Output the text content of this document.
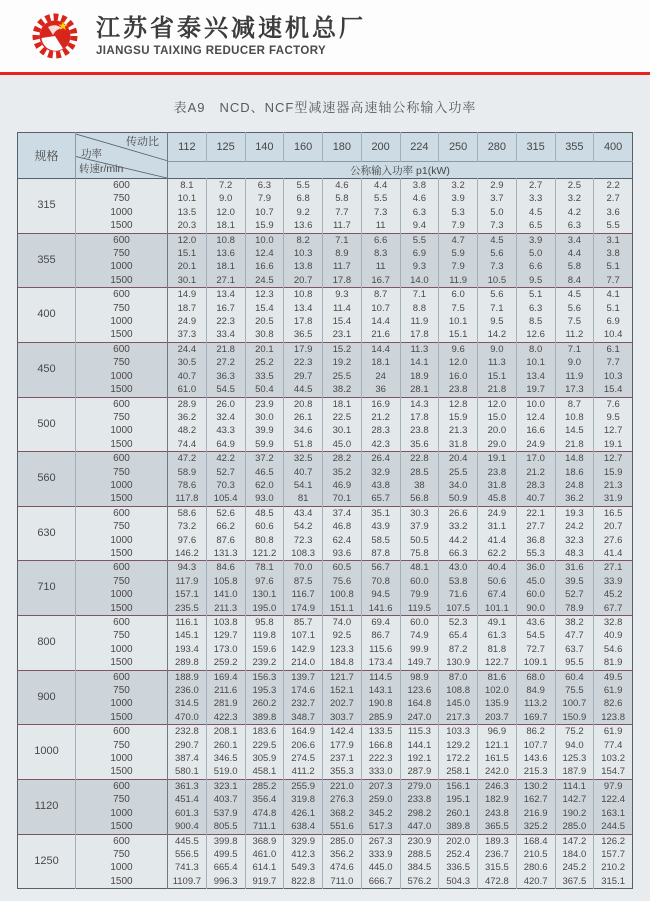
★ 江苏省泰兴减速机总厂
JIANGSU TAIXING REDUCER FACTORY
表A9　NCD、NCF型减速器高速轴公称输入功率
规格	传动比
功率
转速r/min	112	125	140	160	180	200	224	250	280	315	355	400
		公称输入功率 p1(kW)											
315	600	8.1	7.2	6.3	5.5	4.6	4.4	3.8	3.2	2.9	2.7	2.5	2.2
	750	10.1	9.0	7.9	6.8	5.8	5.5	4.6	3.9	3.7	3.3	3.2	2.7
	1000	13.5	12.0	10.7	9.2	7.7	7.3	6.3	5.3	5.0	4.5	4.2	3.6
	1500	20.3	18.1	15.9	13.6	11.7	11	9.4	7.9	7.3	6.5	6.3	5.5
355	600	12.0	10.8	10.0	8.2	7.1	6.6	5.5	4.7	4.5	3.9	3.4	3.1
	750	15.1	13.6	12.4	10.3	8.9	8.3	6.9	5.9	5.6	5.0	4.4	3.8
	1000	20.1	18.1	16.6	13.8	11.7	11	9.3	7.9	7.3	6.6	5.8	5.1
	1500	30.1	27.1	24.5	20.7	17.8	16.7	14.0	11.9	10.5	9.5	8.4	7.7
400	600	14.9	13.4	12.3	10.8	9.3	8.7	7.1	6.0	5.6	5.1	4.5	4.1
	750	18.7	16.7	15.4	13.4	11.4	10.7	8.8	7.5	7.1	6.3	5.6	5.1
	1000	24.9	22.3	20.5	17.8	15.4	14.4	11.9	10.1	9.5	8.5	7.5	6.9
	1500	37.3	33.4	30.8	36.5	23.1	21.6	17.8	15.1	14.2	12.6	11.2	10.4
450	600	24.4	21.8	20.1	17.9	15.2	14.4	11.3	9.6	9.0	8.0	7.1	6.1
	750	30.5	27.2	25.2	22.3	19.2	18.1	14.1	12.0	11.3	10.1	9.0	7.7
	1000	40.7	36.3	33.5	29.7	25.5	24	18.9	16.0	15.1	13.4	11.9	10.3
	1500	61.0	54.5	50.4	44.5	38.2	36	28.1	23.8	21.8	19.7	17.3	15.4
500	600	28.9	26.0	23.9	20.8	18.1	16.9	14.3	12.8	12.0	10.0	8.7	7.6
	750	36.2	32.4	30.0	26.1	22.5	21.2	17.8	15.9	15.0	12.4	10.8	9.5
	1000	48.2	43.3	39.9	34.6	30.1	28.3	23.8	21.3	20.0	16.6	14.5	12.7
	1500	74.4	64.9	59.9	51.8	45.0	42.3	35.6	31.8	29.0	24.9	21.8	19.1
560	600	47.2	42.2	37.2	32.5	28.2	26.4	22.8	20.4	19.1	17.0	14.8	12.7
	750	58.9	52.7	46.5	40.7	35.2	32.9	28.5	25.5	23.8	21.2	18.6	15.9
	1000	78.6	70.3	62.0	54.1	46.9	43.8	38	34.0	31.8	28.3	24.8	21.3
	1500	117.8	105.4	93.0	81	70.1	65.7	56.8	50.9	45.8	40.7	36.2	31.9
630	600	58.6	52.6	48.5	43.4	37.4	35.1	30.3	26.6	24.9	22.1	19.3	16.5
	750	73.2	66.2	60.6	54.2	46.8	43.9	37.9	33.2	31.1	27.7	24.2	20.7
	1000	97.6	87.6	80.8	72.3	62.4	58.5	50.5	44.2	41.4	36.8	32.3	27.6
	1500	146.2	131.3	121.2	108.3	93.6	87.8	75.8	66.3	62.2	55.3	48.3	41.4
710	600	94.3	84.6	78.1	70.0	60.5	56.7	48.1	43.0	40.4	36.0	31.6	27.1
	750	117.9	105.8	97.6	87.5	75.6	70.8	60.0	53.8	50.6	45.0	39.5	33.9
	1000	157.1	141.0	130.1	116.7	100.8	94.5	79.9	71.6	67.4	60.0	52.7	45.2
	1500	235.5	211.3	195.0	174.9	151.1	141.6	119.5	107.5	101.1	90.0	78.9	67.7
800	600	116.1	103.8	95.8	85.7	74.0	69.4	60.0	52.3	49.1	43.6	38.2	32.8
	750	145.1	129.7	119.8	107.1	92.5	86.7	74.9	65.4	61.3	54.5	47.7	40.9
	1000	193.4	173.0	159.6	142.9	123.3	115.6	99.9	87.2	81.8	72.7	63.7	54.6
	1500	289.8	259.2	239.2	214.0	184.8	173.4	149.7	130.9	122.7	109.1	95.5	81.9
900	600	188.9	169.4	156.3	139.7	121.7	114.5	98.9	87.0	81.6	68.0	60.4	49.5
	750	236.0	211.6	195.3	174.6	152.1	143.1	123.6	108.8	102.0	84.9	75.5	61.9
	1000	314.5	281.9	260.2	232.7	202.7	190.8	164.8	145.0	135.9	113.2	100.7	82.6
	1500	470.0	422.3	389.8	348.7	303.7	285.9	247.0	217.3	203.7	169.7	150.9	123.8
1000	600	232.8	208.1	183.6	164.9	142.4	133.5	115.3	103.3	96.9	86.2	75.2	61.9
	750	290.7	260.1	229.5	206.6	177.9	166.8	144.1	129.2	121.1	107.7	94.0	77.4
	1000	387.4	346.5	305.9	274.5	237.1	222.3	192.1	172.2	161.5	143.6	125.3	103.2
	1500	580.1	519.0	458.1	411.2	355.3	333.0	287.9	258.1	242.0	215.3	187.9	154.7
1120	600	361.3	323.1	285.2	255.9	221.0	207.3	279.0	156.1	246.3	130.2	114.1	97.9
	750	451.4	403.7	356.4	319.8	276.3	259.0	233.8	195.1	182.9	162.7	142.7	122.4
	1000	601.3	537.9	474.8	426.1	368.2	345.2	298.2	260.1	243.8	216.9	190.2	163.1
	1500	900.4	805.5	711.1	638.4	551.6	517.3	447.0	389.8	365.5	325.2	285.0	244.5
1250	600	445.5	399.8	368.9	329.9	285.0	267.3	230.9	202.0	189.3	168.4	147.2	126.2
	750	556.5	499.5	461.0	412.3	356.2	333.9	288.5	252.4	236.7	210.5	184.0	157.7
	1000	741.3	665.4	614.1	549.3	474.6	445.0	384.5	336.5	315.5	280.6	245.2	210.2
	1500	1109.7	996.3	919.7	822.8	711.0	666.7	576.2	504.3	472.8	420.7	367.5	315.1
